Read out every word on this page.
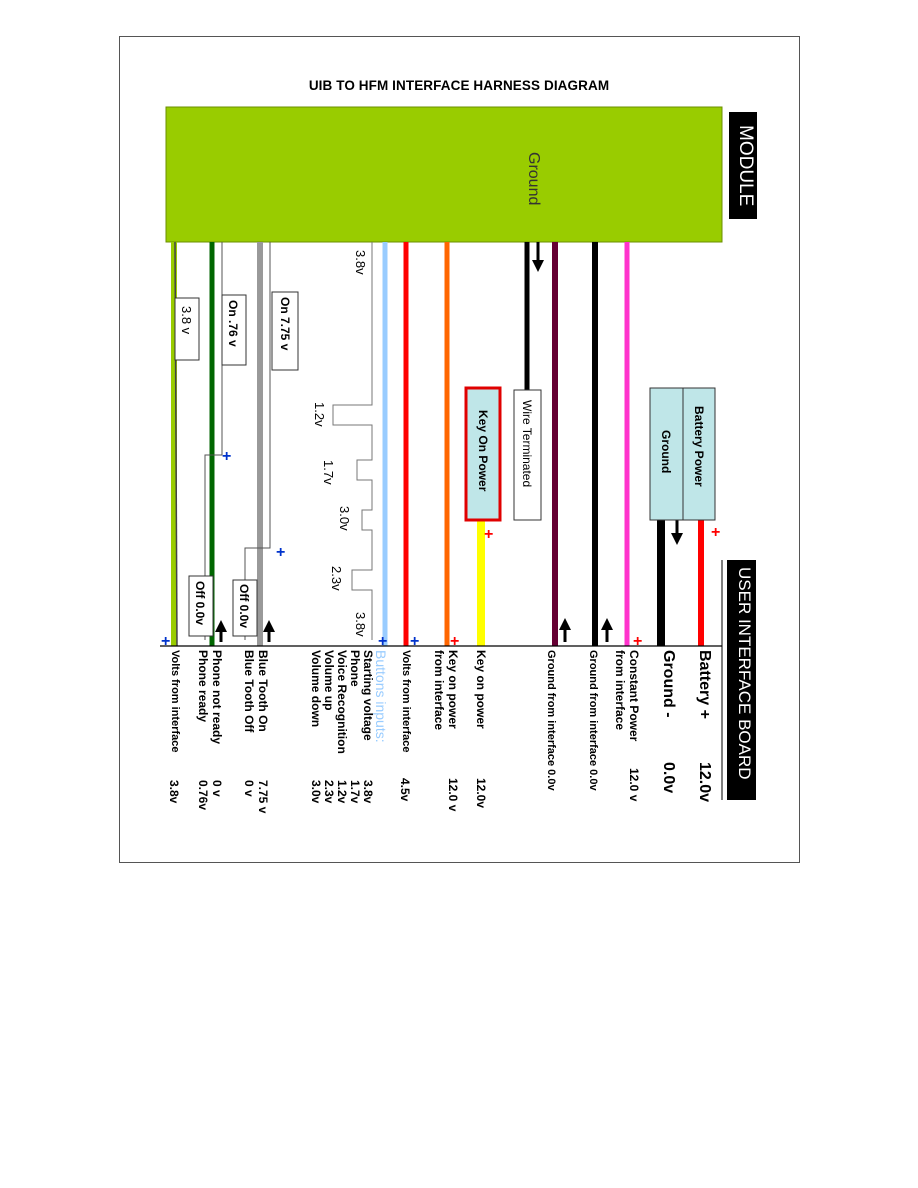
UIB TO HFM INTERFACE HARNESS DIAGRAM
+
+
+
+
+
+
+
+
+
MODULE
Ground
USER INTERFACE BOARD
Battery Power
Ground
Wire Terminated
Key On Power
On 7.75 v
Off 0.0v
On .76 v
Off 0.0v
3.8 v
3.8v
1.2v
1.7v
3.0v
2.3v
3.8v
Battery +
12.0v
Ground -
0.0v
Constant Power
from interface
12.0 v
Ground from interface 0.0v
Ground from interface 0.0v
Key on power
12.0v
Key on power
from interface
12.0 v
Volts from interface
4.5v
Buttons inputs:
Starting voltage
3.8v
Phone
1.7v
Voice Recognition
1.2v
Volume up
2.3v
Volume down
3.0v
Blue Tooth On
7.75 v
Blue Tooth Off
0 v
Phone not ready
0 v
Phone ready
0.76v
Volts from interface
3.8v
